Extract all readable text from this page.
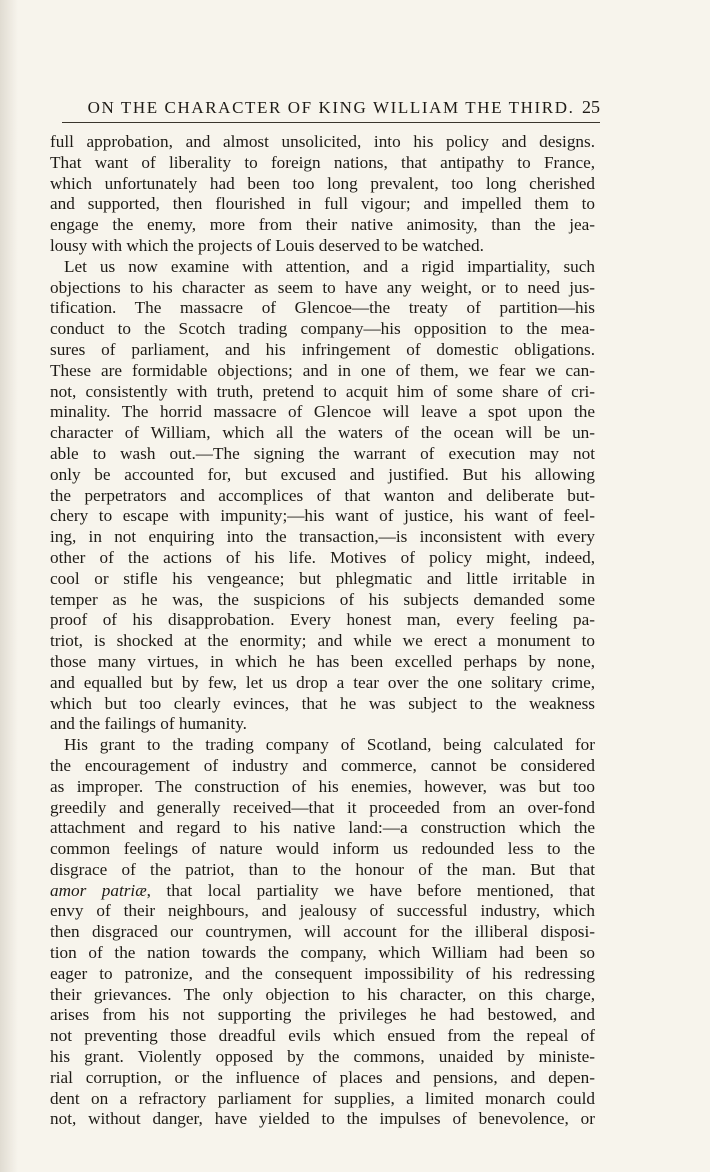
ON THE CHARACTER OF KING WILLIAM THE THIRD. 25
full approbation, and almost unsolicited, into his policy and designs.
That want of liberality to foreign nations, that antipathy to France,
which unfortunately had been too long prevalent, too long cherished
and supported, then flourished in full vigour; and impelled them to
engage the enemy, more from their native animosity, than the jea-
lousy with which the projects of Louis deserved to be watched.
Let us now examine with attention, and a rigid impartiality, such
objections to his character as seem to have any weight, or to need jus-
tification. The massacre of Glencoe—the treaty of partition—his
conduct to the Scotch trading company—his opposition to the mea-
sures of parliament, and his infringement of domestic obligations.
These are formidable objections; and in one of them, we fear we can-
not, consistently with truth, pretend to acquit him of some share of cri-
minality. The horrid massacre of Glencoe will leave a spot upon the
character of William, which all the waters of the ocean will be un-
able to wash out.—The signing the warrant of execution may not
only be accounted for, but excused and justified. But his allowing
the perpetrators and accomplices of that wanton and deliberate but-
chery to escape with impunity;—his want of justice, his want of feel-
ing, in not enquiring into the transaction,—is inconsistent with every
other of the actions of his life. Motives of policy might, indeed,
cool or stifle his vengeance; but phlegmatic and little irritable in
temper as he was, the suspicions of his subjects demanded some
proof of his disapprobation. Every honest man, every feeling pa-
triot, is shocked at the enormity; and while we erect a monument to
those many virtues, in which he has been excelled perhaps by none,
and equalled but by few, let us drop a tear over the one solitary crime,
which but too clearly evinces, that he was subject to the weakness
and the failings of humanity.
His grant to the trading company of Scotland, being calculated for
the encouragement of industry and commerce, cannot be considered
as improper. The construction of his enemies, however, was but too
greedily and generally received—that it proceeded from an over-fond
attachment and regard to his native land:—a construction which the
common feelings of nature would inform us redounded less to the
disgrace of the patriot, than to the honour of the man. But that
amor patriæ, that local partiality we have before mentioned, that
envy of their neighbours, and jealousy of successful industry, which
then disgraced our countrymen, will account for the illiberal disposi-
tion of the nation towards the company, which William had been so
eager to patronize, and the consequent impossibility of his redressing
their grievances. The only objection to his character, on this charge,
arises from his not supporting the privileges he had bestowed, and
not preventing those dreadful evils which ensued from the repeal of
his grant. Violently opposed by the commons, unaided by ministe-
rial corruption, or the influence of places and pensions, and depen-
dent on a refractory parliament for supplies, a limited monarch could
not, without danger, have yielded to the impulses of benevolence, or
